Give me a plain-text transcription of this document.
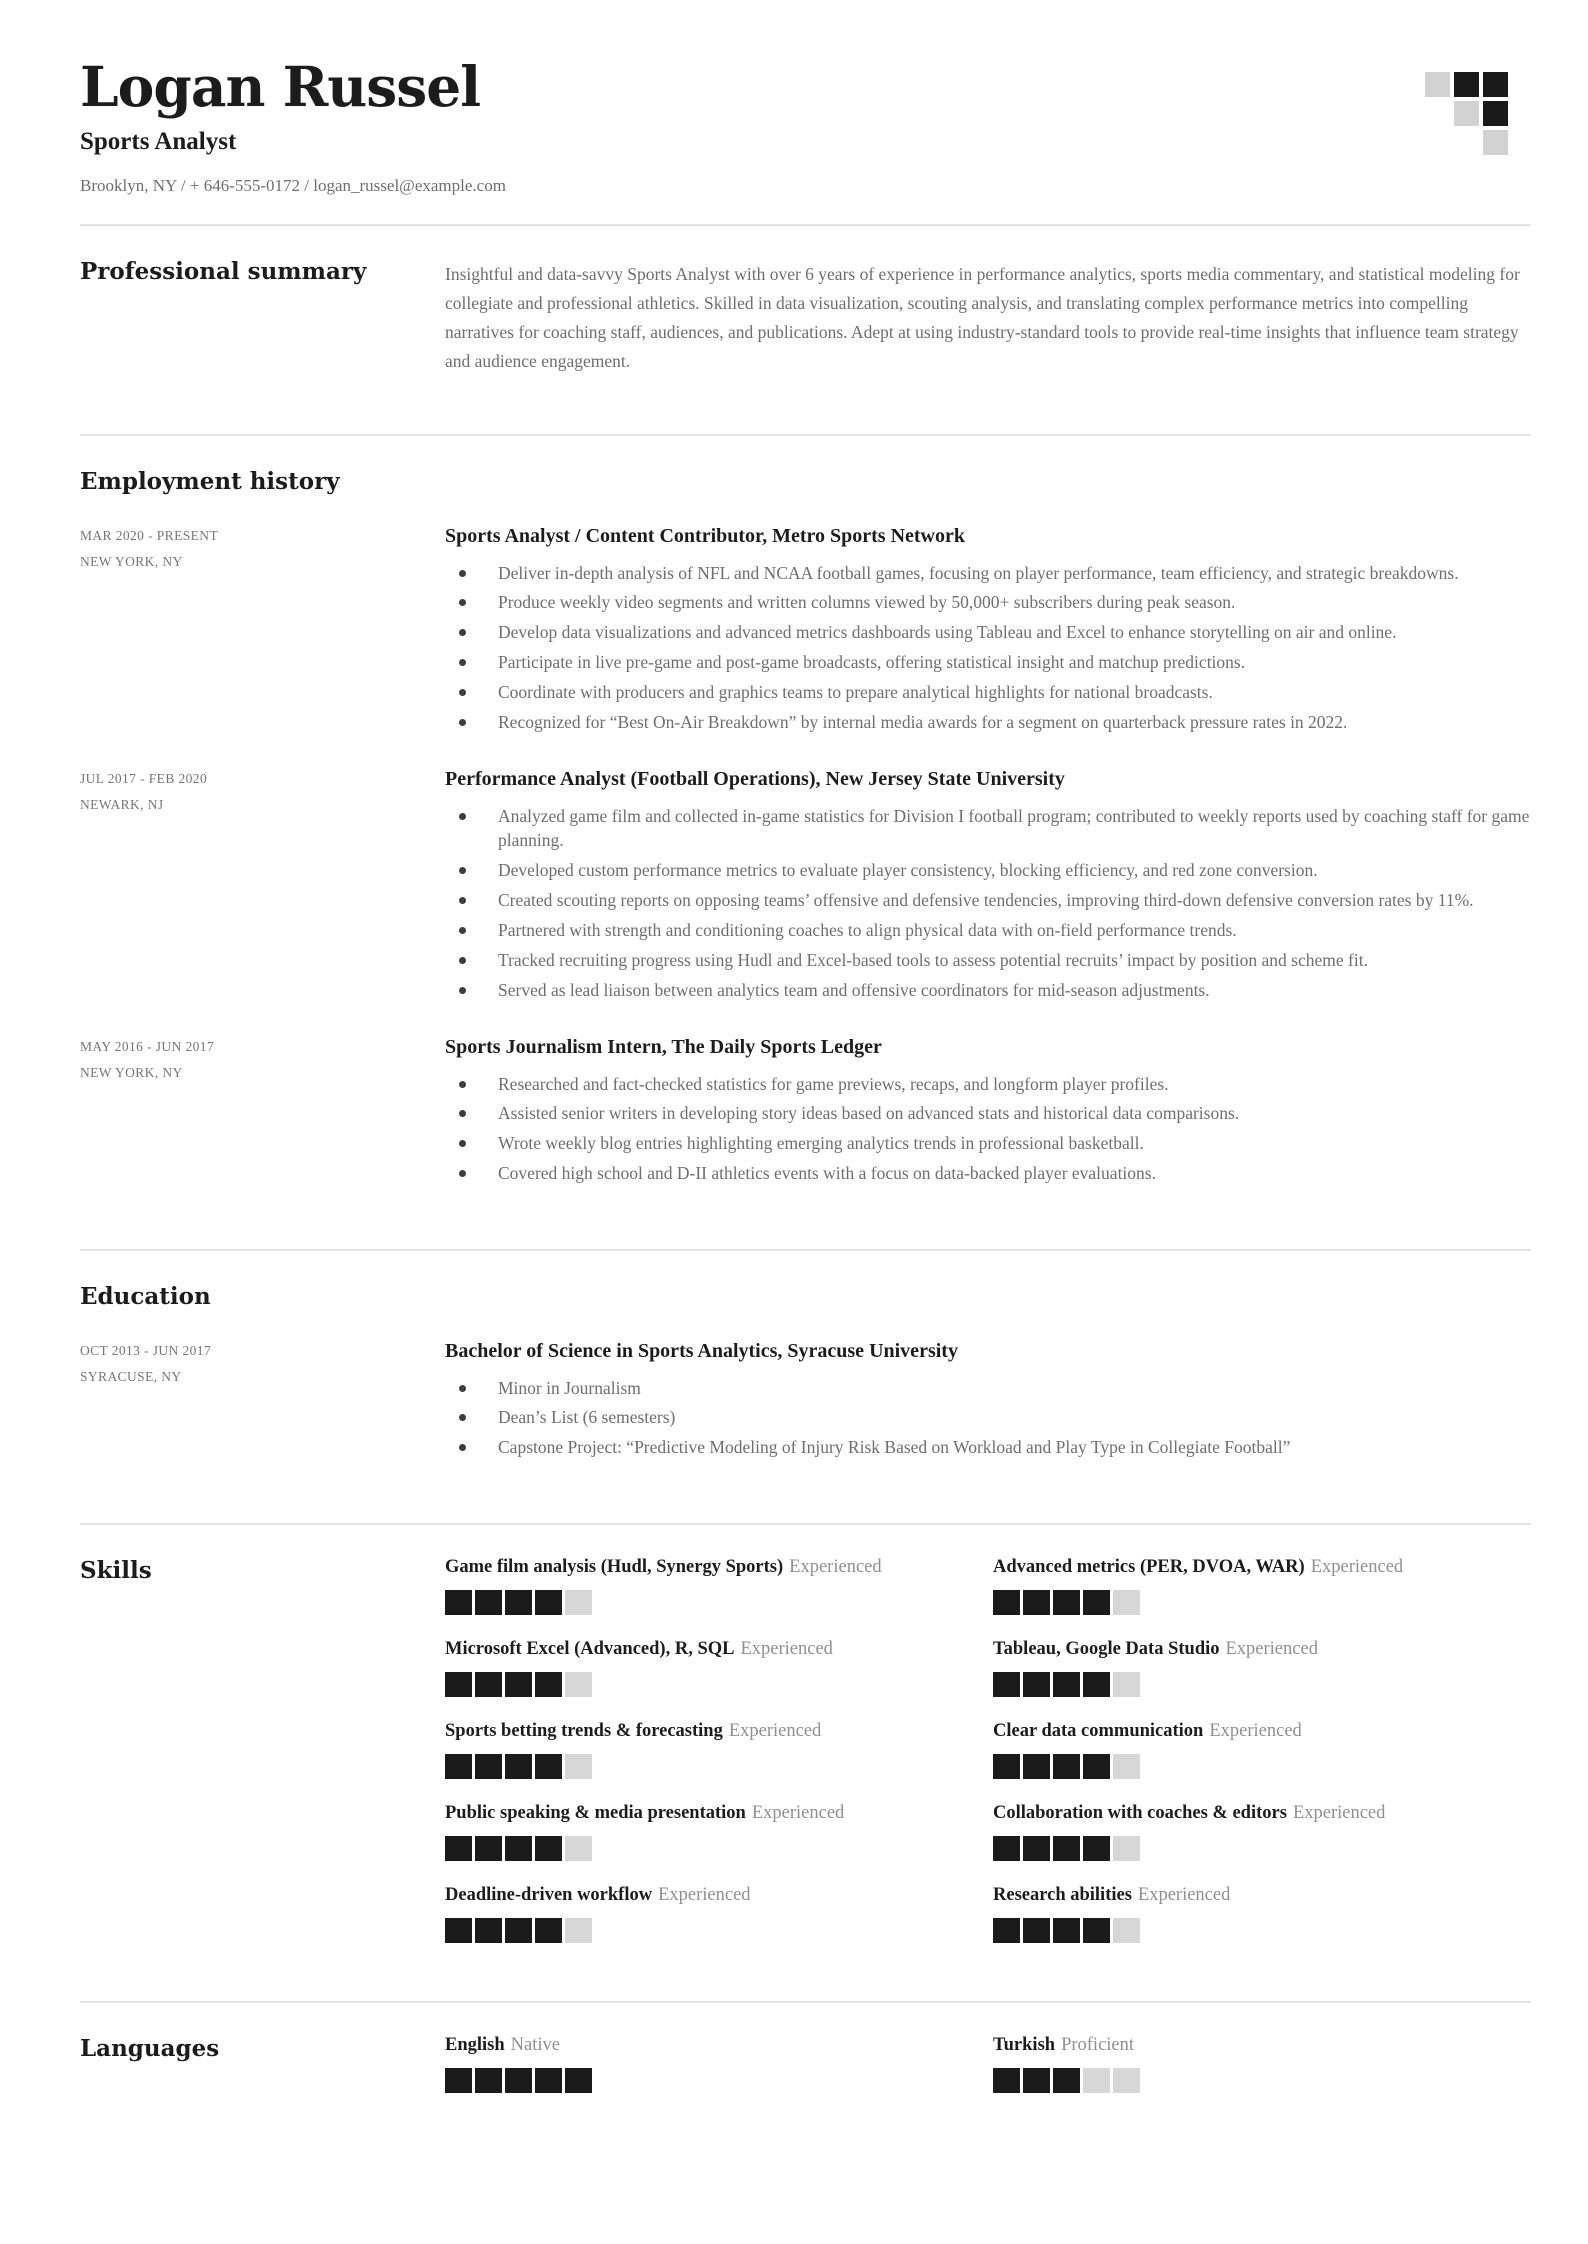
Logan Russel
Sports Analyst
Brooklyn, NY / + 646-555-0172 / logan_russel@example.com
Professional summary	Insightful and data-savvy Sports Analyst with over 6 years of experience in performance analytics, sports media commentary, and statistical modeling for collegiate and professional athletics. Skilled in data visualization, scouting analysis, and translating complex performance metrics into compelling narratives for coaching staff, audiences, and publications. Adept at using industry-standard tools to provide real-time insights that influence team strategy and audience engagement.
Employment history
MAR 2020 - PRESENT
NEW YORK, NY
Sports Analyst / Content Contributor, Metro Sports Network
Deliver in-depth analysis of NFL and NCAA football games, focusing on player performance, team efficiency, and strategic breakdowns.
Produce weekly video segments and written columns viewed by 50,000+ subscribers during peak season.
Develop data visualizations and advanced metrics dashboards using Tableau and Excel to enhance storytelling on air and online.
Participate in live pre-game and post-game broadcasts, offering statistical insight and matchup predictions.
Coordinate with producers and graphics teams to prepare analytical highlights for national broadcasts.
Recognized for “Best On-Air Breakdown” by internal media awards for a segment on quarterback pressure rates in 2022.
JUL 2017 - FEB 2020
NEWARK, NJ
Performance Analyst (Football Operations), New Jersey State University
Analyzed game film and collected in-game statistics for Division I football program; contributed to weekly reports used by coaching staff for game planning.
Developed custom performance metrics to evaluate player consistency, blocking efficiency, and red zone conversion.
Created scouting reports on opposing teams’ offensive and defensive tendencies, improving third-down defensive conversion rates by 11%.
Partnered with strength and conditioning coaches to align physical data with on-field performance trends.
Tracked recruiting progress using Hudl and Excel-based tools to assess potential recruits’ impact by position and scheme fit.
Served as lead liaison between analytics team and offensive coordinators for mid-season adjustments.
MAY 2016 - JUN 2017
NEW YORK, NY
Sports Journalism Intern, The Daily Sports Ledger
Researched and fact-checked statistics for game previews, recaps, and longform player profiles.
Assisted senior writers in developing story ideas based on advanced stats and historical data comparisons.
Wrote weekly blog entries highlighting emerging analytics trends in professional basketball.
Covered high school and D-II athletics events with a focus on data-backed player evaluations.
Education
OCT 2013 - JUN 2017
SYRACUSE, NY
Bachelor of Science in Sports Analytics, Syracuse University
Minor in Journalism
Dean’s List (6 semesters)
Capstone Project: “Predictive Modeling of Injury Risk Based on Workload and Play Type in Collegiate Football”
Skills	Game film analysis (Hudl, Synergy Sports) Experienced	Advanced metrics (PER, DVOA, WAR) Experienced
Microsoft Excel (Advanced), R, SQL Experienced	Tableau, Google Data Studio Experienced
Sports betting trends & forecasting Experienced	Clear data communication Experienced
Public speaking & media presentation Experienced	Collaboration with coaches & editors Experienced
Deadline-driven workflow Experienced	Research abilities Experienced
Languages	English Native	Turkish Proficient
